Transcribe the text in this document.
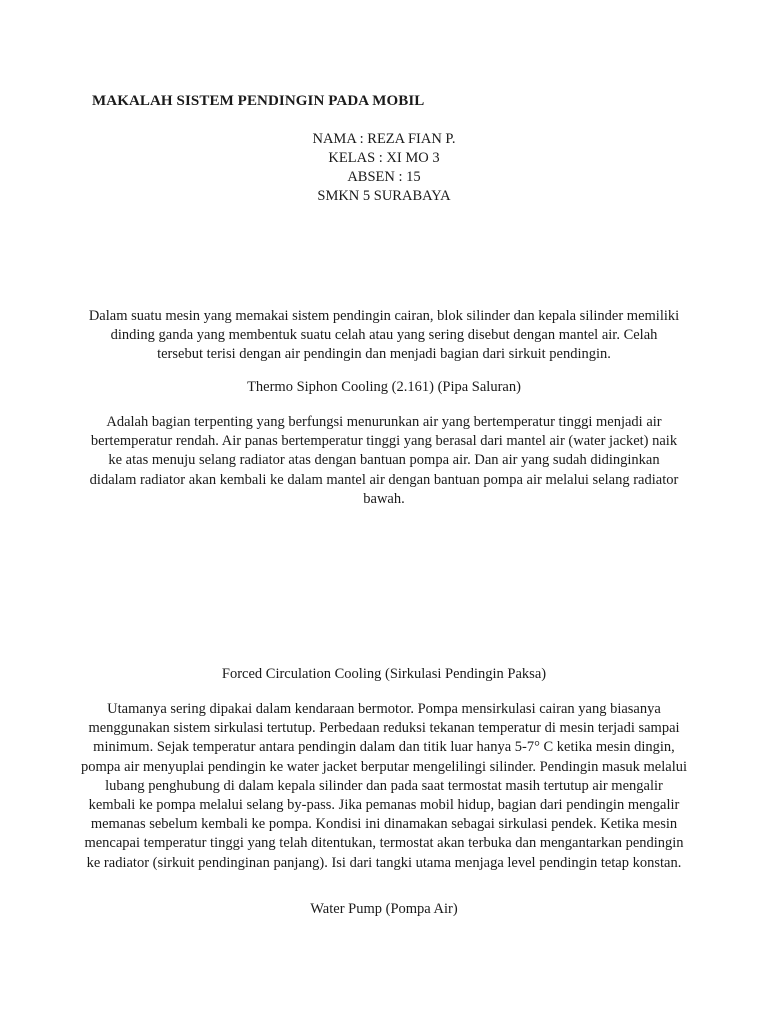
MAKALAH SISTEM PENDINGIN PADA MOBIL
NAMA : REZA FIAN P.
KELAS : XI MO 3
ABSEN : 15
SMKN 5 SURABAYA

Dalam suatu mesin yang memakai sistem pendingin cairan, blok silinder dan kepala silinder memiliki dinding ganda yang membentuk suatu celah atau yang sering disebut dengan mantel air. Celah tersebut terisi dengan air pendingin dan menjadi bagian dari sirkuit pendingin.

Thermo Siphon Cooling (2.161) (Pipa Saluran)

Adalah bagian terpenting yang berfungsi menurunkan air yang bertemperatur tinggi menjadi air bertemperatur rendah. Air panas bertemperatur tinggi yang berasal dari mantel air (water jacket) naik ke atas menuju selang radiator atas dengan bantuan pompa air. Dan air yang sudah didinginkan didalam radiator akan kembali ke dalam mantel air dengan bantuan pompa air melalui selang radiator bawah.

Forced Circulation Cooling (Sirkulasi Pendingin Paksa)

Utamanya sering dipakai dalam kendaraan bermotor. Pompa mensirkulasi cairan yang biasanya menggunakan sistem sirkulasi tertutup. Perbedaan reduksi tekanan temperatur di mesin terjadi sampai minimum. Sejak temperatur antara pendingin dalam dan titik luar hanya 5-7° C ketika mesin dingin, pompa air menyuplai pendingin ke water jacket berputar mengelilingi silinder. Pendingin masuk melalui lubang penghubung di dalam kepala silinder dan pada saat termostat masih tertutup air mengalir kembali ke pompa melalui selang by-pass. Jika pemanas mobil hidup, bagian dari pendingin mengalir memanas sebelum kembali ke pompa. Kondisi ini dinamakan sebagai sirkulasi pendek. Ketika mesin mencapai temperatur tinggi yang telah ditentukan, termostat akan terbuka dan mengantarkan pendingin ke radiator (sirkuit pendinginan panjang). Isi dari tangki utama menjaga level pendingin tetap konstan.

Water Pump (Pompa Air)
